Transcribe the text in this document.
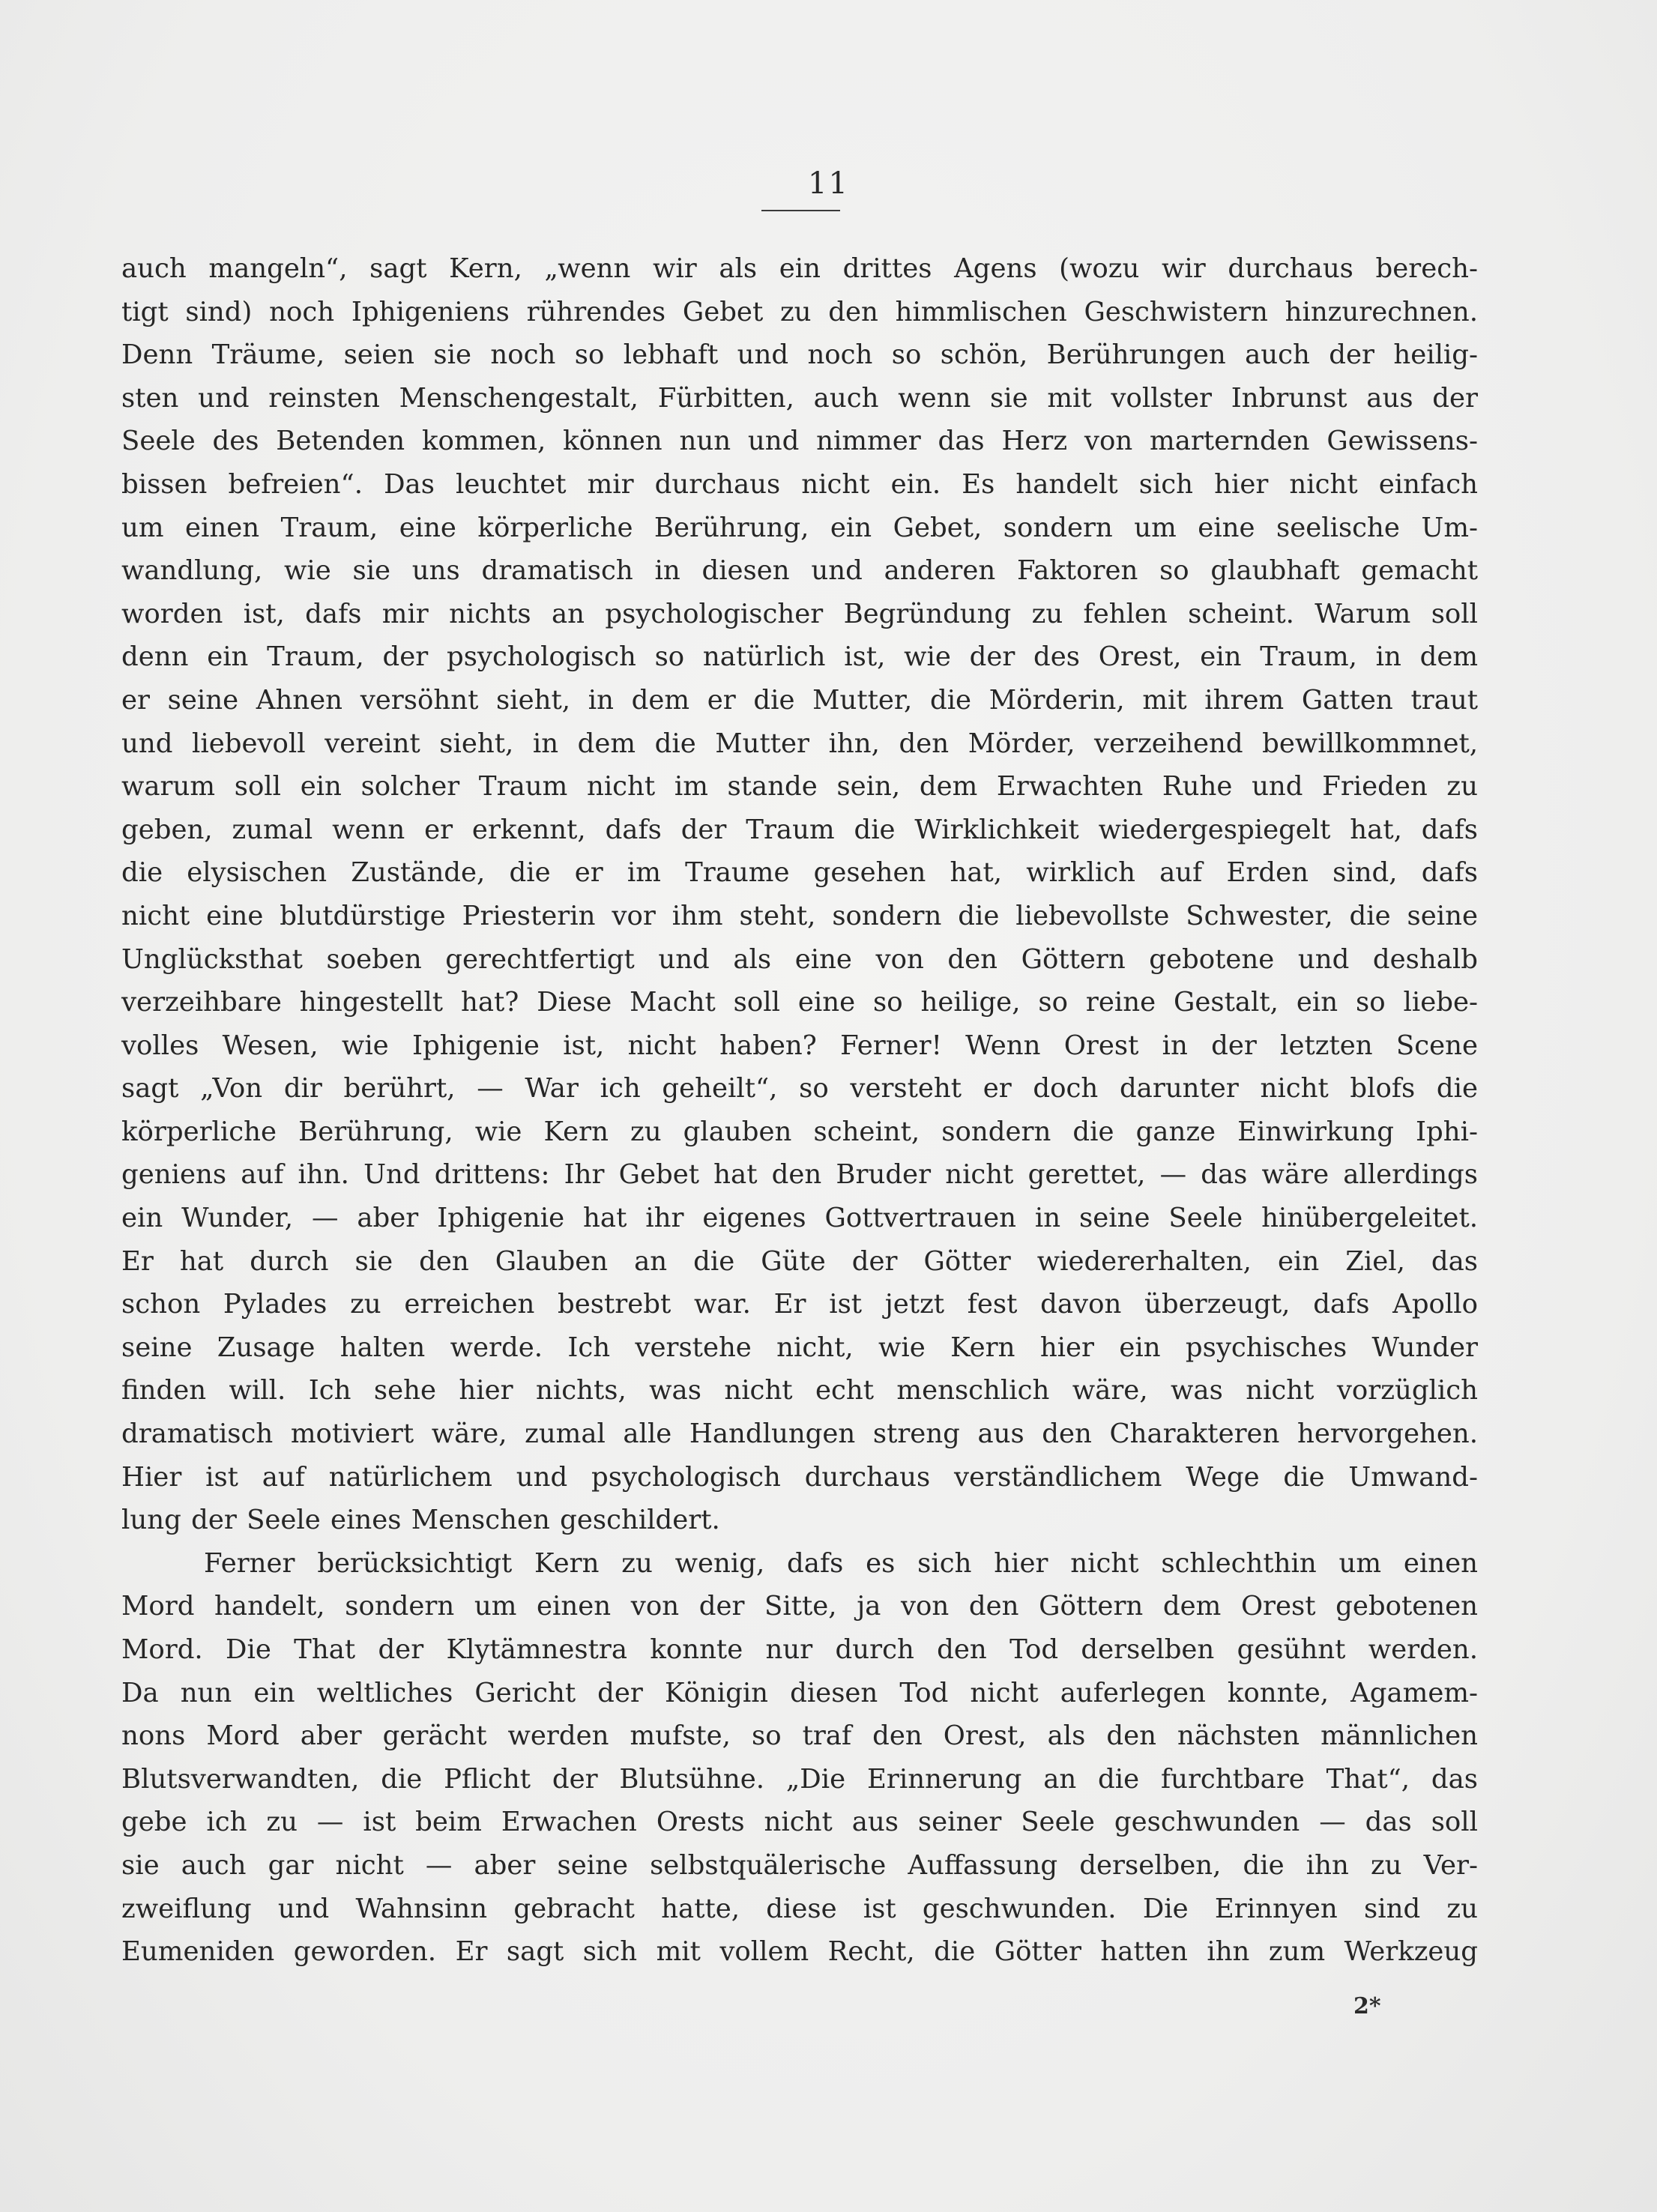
11
auch mangeln“, sagt Kern, „wenn wir als ein drittes Agens (wozu wir durchaus berech-
tigt sind) noch Iphigeniens rührendes Gebet zu den himmlischen Geschwistern hinzurechnen.
Denn Träume, seien sie noch so lebhaft und noch so schön, Berührungen auch der heilig-
sten und reinsten Menschengestalt, Fürbitten, auch wenn sie mit vollster Inbrunst aus der
Seele des Betenden kommen, können nun und nimmer das Herz von marternden Gewissens-
bissen befreien“. Das leuchtet mir durchaus nicht ein. Es handelt sich hier nicht einfach
um einen Traum, eine körperliche Berührung, ein Gebet, sondern um eine seelische Um-
wandlung, wie sie uns dramatisch in diesen und anderen Faktoren so glaubhaft gemacht
worden ist, dafs mir nichts an psychologischer Begründung zu fehlen scheint. Warum soll
denn ein Traum, der psychologisch so natürlich ist, wie der des Orest, ein Traum, in dem
er seine Ahnen versöhnt sieht, in dem er die Mutter, die Mörderin, mit ihrem Gatten traut
und liebevoll vereint sieht, in dem die Mutter ihn, den Mörder, verzeihend bewillkommnet,
warum soll ein solcher Traum nicht im stande sein, dem Erwachten Ruhe und Frieden zu
geben, zumal wenn er erkennt, dafs der Traum die Wirklichkeit wiedergespiegelt hat, dafs
die elysischen Zustände, die er im Traume gesehen hat, wirklich auf Erden sind, dafs
nicht eine blutdürstige Priesterin vor ihm steht, sondern die liebevollste Schwester, die seine
Unglücksthat soeben gerechtfertigt und als eine von den Göttern gebotene und deshalb
verzeihbare hingestellt hat? Diese Macht soll eine so heilige, so reine Gestalt, ein so liebe-
volles Wesen, wie Iphigenie ist, nicht haben? Ferner! Wenn Orest in der letzten Scene
sagt „Von dir berührt, — War ich geheilt“, so versteht er doch darunter nicht blofs die
körperliche Berührung, wie Kern zu glauben scheint, sondern die ganze Einwirkung Iphi-
geniens auf ihn. Und drittens: Ihr Gebet hat den Bruder nicht gerettet, — das wäre allerdings
ein Wunder, — aber Iphigenie hat ihr eigenes Gottvertrauen in seine Seele hinübergeleitet.
Er hat durch sie den Glauben an die Güte der Götter wiedererhalten, ein Ziel, das
schon Pylades zu erreichen bestrebt war. Er ist jetzt fest davon überzeugt, dafs Apollo
seine Zusage halten werde. Ich verstehe nicht, wie Kern hier ein psychisches Wunder
finden will. Ich sehe hier nichts, was nicht echt menschlich wäre, was nicht vorzüglich
dramatisch motiviert wäre, zumal alle Handlungen streng aus den Charakteren hervorgehen.
Hier ist auf natürlichem und psychologisch durchaus verständlichem Wege die Umwand-
lung der Seele eines Menschen geschildert.
Ferner berücksichtigt Kern zu wenig, dafs es sich hier nicht schlechthin um einen
Mord handelt, sondern um einen von der Sitte, ja von den Göttern dem Orest gebotenen
Mord. Die That der Klytämnestra konnte nur durch den Tod derselben gesühnt werden.
Da nun ein weltliches Gericht der Königin diesen Tod nicht auferlegen konnte, Agamem-
nons Mord aber gerächt werden mufste, so traf den Orest, als den nächsten männlichen
Blutsverwandten, die Pflicht der Blutsühne. „Die Erinnerung an die furchtbare That“, das
gebe ich zu — ist beim Erwachen Orests nicht aus seiner Seele geschwunden — das soll
sie auch gar nicht — aber seine selbstquälerische Auffassung derselben, die ihn zu Ver-
zweiflung und Wahnsinn gebracht hatte, diese ist geschwunden. Die Erinnyen sind zu
Eumeniden geworden. Er sagt sich mit vollem Recht, die Götter hatten ihn zum Werkzeug
2*
